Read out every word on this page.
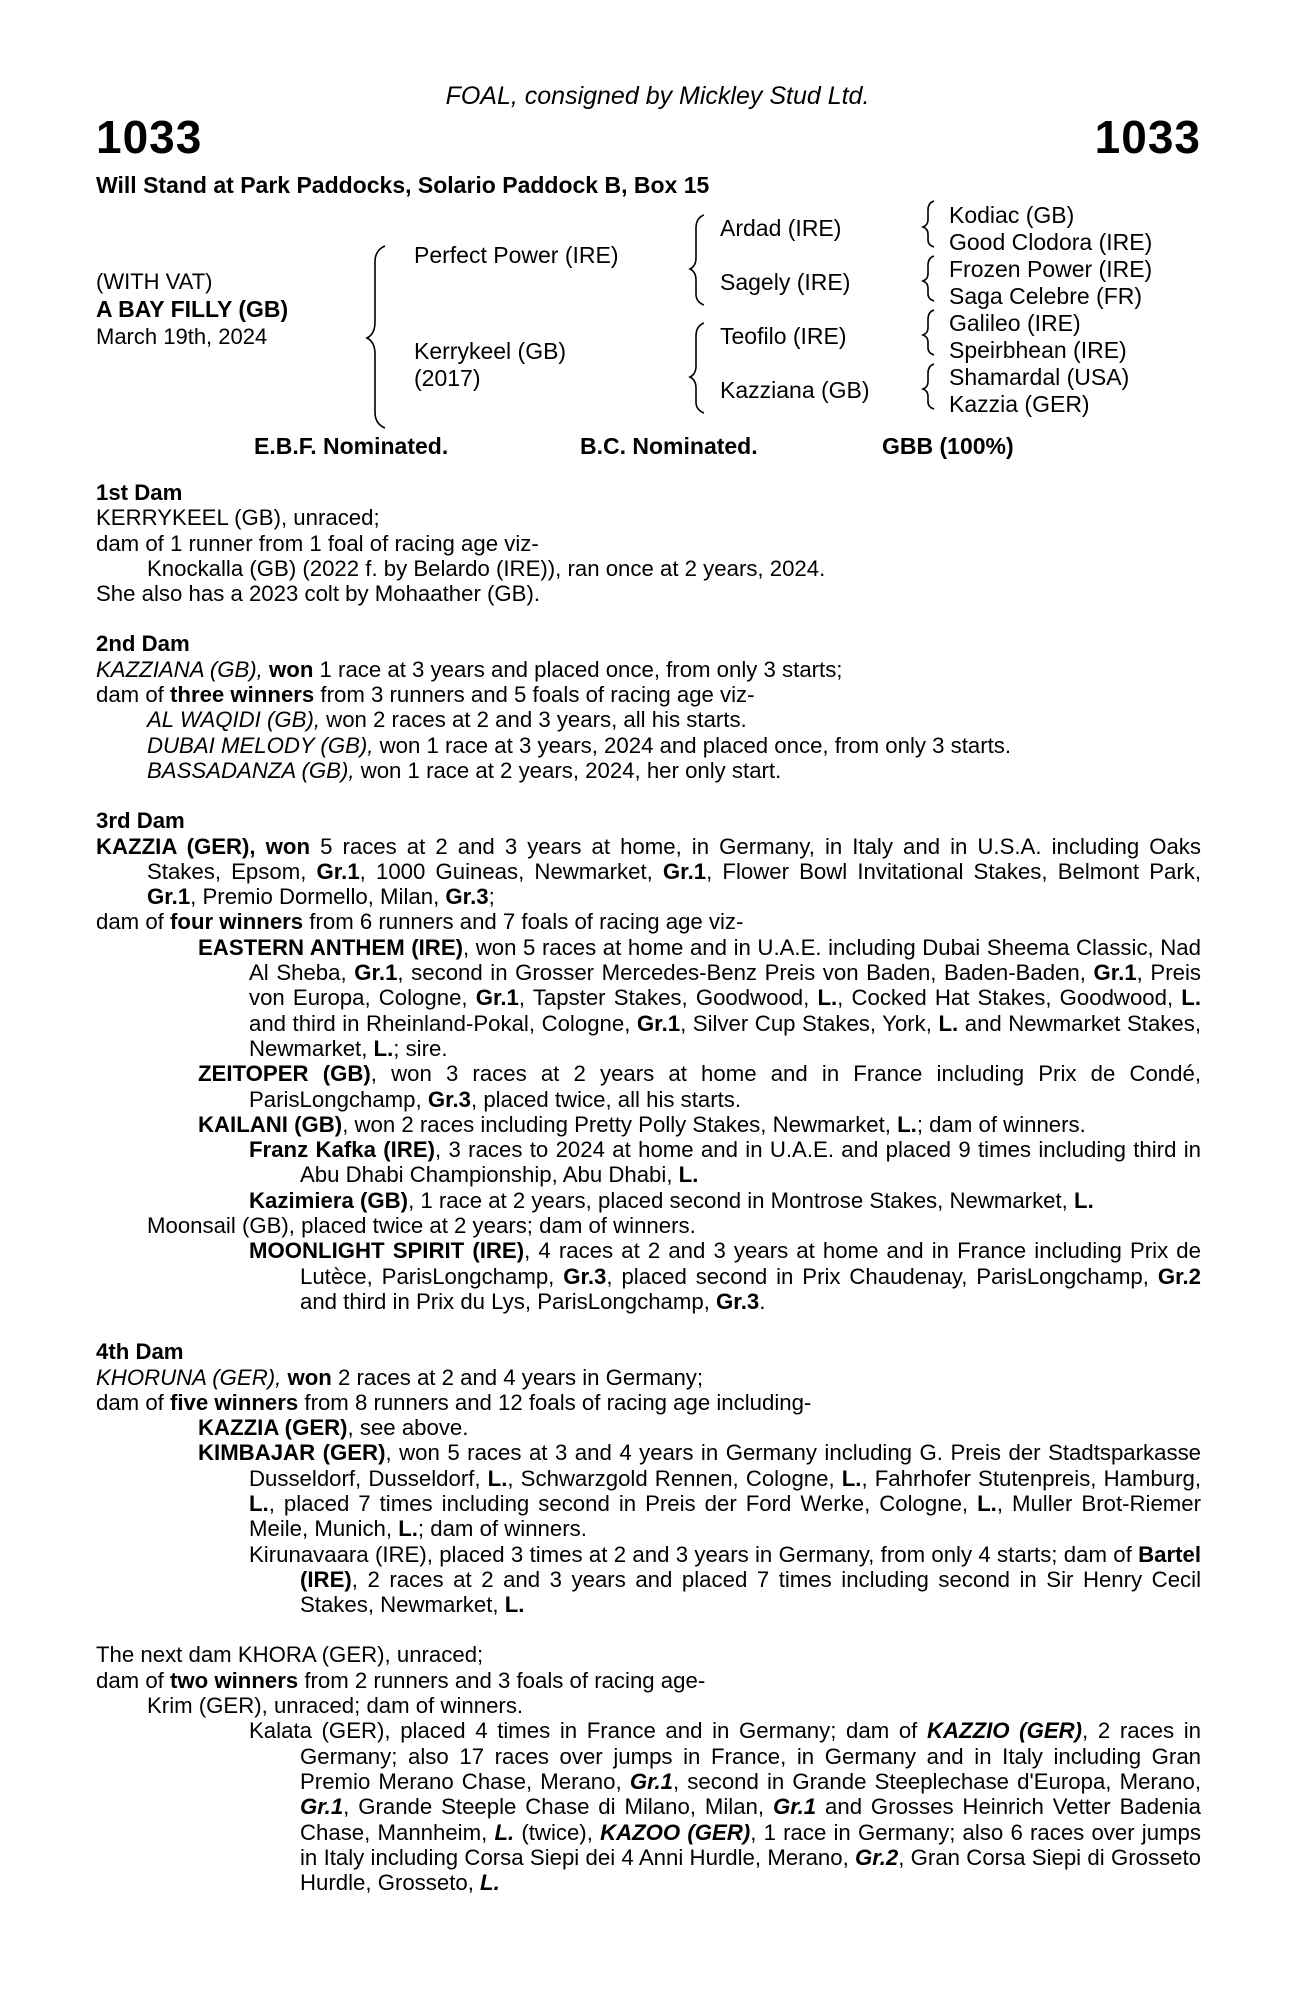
FOAL, consigned by Mickley Stud Ltd.
1033	1033
Will Stand at Park Paddocks, Solario Paddock B, Box 15
(WITH VAT)
A BAY FILLY (GB)
March 19th, 2024
Perfect Power (IRE)
Kerrykeel (GB)
(2017)
Ardad (IRE)
Sagely (IRE)
Teofilo (IRE)
Kazziana (GB)
Kodiac (GB)
Good Clodora (IRE)
Frozen Power (IRE)
Saga Celebre (FR)
Galileo (IRE)
Speirbhean (IRE)
Shamardal (USA)
Kazzia (GER)
E.B.F. Nominated.	B.C. Nominated.	GBB (100%)

1st Dam

KERRYKEEL (GB), unraced;

dam of 1 runner from 1 foal of racing age viz-

Knockalla (GB) (2022 f. by Belardo (IRE)), ran once at 2 years, 2024.

She also has a 2023 colt by Mohaather (GB).

2nd Dam

KAZZIANA (GB), won 1 race at 3 years and placed once, from only 3 starts;

dam of three winners from 3 runners and 5 foals of racing age viz-

AL WAQIDI (GB), won 2 races at 2 and 3 years, all his starts.

DUBAI MELODY (GB), won 1 race at 3 years, 2024 and placed once, from only 3 starts.

BASSADANZA (GB), won 1 race at 2 years, 2024, her only start.

3rd Dam

KAZZIA (GER), won 5 races at 2 and 3 years at home, in Germany, in Italy and in U.S.A. including Oaks Stakes, Epsom, Gr.1, 1000 Guineas, Newmarket, Gr.1, Flower Bowl Invitational Stakes, Belmont Park, Gr.1, Premio Dormello, Milan, Gr.3;

dam of four winners from 6 runners and 7 foals of racing age viz-

EASTERN ANTHEM (IRE), won 5 races at home and in U.A.E. including Dubai Sheema Classic, Nad Al Sheba, Gr.1, second in Grosser Mercedes-Benz Preis von Baden, Baden-Baden, Gr.1, Preis von Europa, Cologne, Gr.1, Tapster Stakes, Goodwood, L., Cocked Hat Stakes, Goodwood, L. and third in Rheinland-Pokal, Cologne, Gr.1, Silver Cup Stakes, York, L. and Newmarket Stakes, Newmarket, L.; sire.

ZEITOPER (GB), won 3 races at 2 years at home and in France including Prix de Condé, ParisLongchamp, Gr.3, placed twice, all his starts.

KAILANI (GB), won 2 races including Pretty Polly Stakes, Newmarket, L.; dam of winners.

Franz Kafka (IRE), 3 races to 2024 at home and in U.A.E. and placed 9 times including third in Abu Dhabi Championship, Abu Dhabi, L.

Kazimiera (GB), 1 race at 2 years, placed second in Montrose Stakes, Newmarket, L.

Moonsail (GB), placed twice at 2 years; dam of winners.

MOONLIGHT SPIRIT (IRE), 4 races at 2 and 3 years at home and in France including Prix de Lutèce, ParisLongchamp, Gr.3, placed second in Prix Chaudenay, ParisLongchamp, Gr.2 and third in Prix du Lys, ParisLongchamp, Gr.3.

4th Dam

KHORUNA (GER), won 2 races at 2 and 4 years in Germany;

dam of five winners from 8 runners and 12 foals of racing age including-

KAZZIA (GER), see above.

KIMBAJAR (GER), won 5 races at 3 and 4 years in Germany including G. Preis der Stadtsparkasse Dusseldorf, Dusseldorf, L., Schwarzgold Rennen, Cologne, L., Fahrhofer Stutenpreis, Hamburg, L., placed 7 times including second in Preis der Ford Werke, Cologne, L., Muller Brot-Riemer Meile, Munich, L.; dam of winners.

Kirunavaara (IRE), placed 3 times at 2 and 3 years in Germany, from only 4 starts; dam of Bartel (IRE), 2 races at 2 and 3 years and placed 7 times including second in Sir Henry Cecil Stakes, Newmarket, L.

The next dam KHORA (GER), unraced;

dam of two winners from 2 runners and 3 foals of racing age-

Krim (GER), unraced; dam of winners.

Kalata (GER), placed 4 times in France and in Germany; dam of KAZZIO (GER), 2 races in Germany; also 17 races over jumps in France, in Germany and in Italy including Gran Premio Merano Chase, Merano, Gr.1, second in Grande Steeplechase d'Europa, Merano, Gr.1, Grande Steeple Chase di Milano, Milan, Gr.1 and Grosses Heinrich Vetter Badenia Chase, Mannheim, L. (twice), KAZOO (GER), 1 race in Germany; also 6 races over jumps in Italy including Corsa Siepi dei 4 Anni Hurdle, Merano, Gr.2, Gran Corsa Siepi di Grosseto Hurdle, Grosseto, L.
